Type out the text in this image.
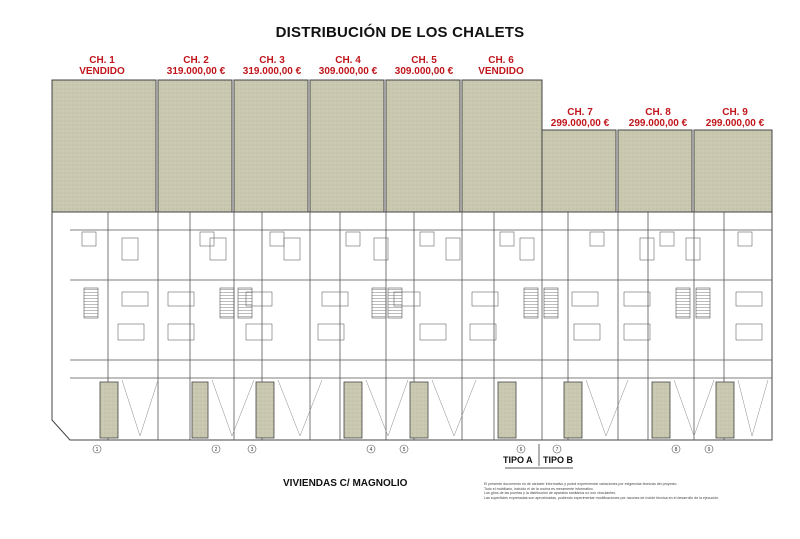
DISTRIBUCIÓN DE LOS CHALETS
CH. 1
VENDIDO
CH. 2
319.000,00 €
CH. 3
319.000,00 €
CH. 4
309.000,00 €
CH. 5
309.000,00 €
CH. 6
VENDIDO
CH. 7
299.000,00 €
CH. 8
299.000,00 €
CH. 9
299.000,00 €
1	2	3	4	5	6	7	8	9
TIPO A TIPO B
VIVIENDAS C/ MAGNOLIO	El presente documento es de carácter informativo y podrá experimentar variaciones por exigencias técnicas del proyecto.
Todo el mobiliario, incluido el de la cocina es meramente informativo.
Los giros de las puertas y la distribución de aparatos sanitarios no son vinculantes.
Las superficies expresadas son aproximadas, pudiendo experimentar modificaciones por razones de índole técnica en el desarrollo de la ejecución.
